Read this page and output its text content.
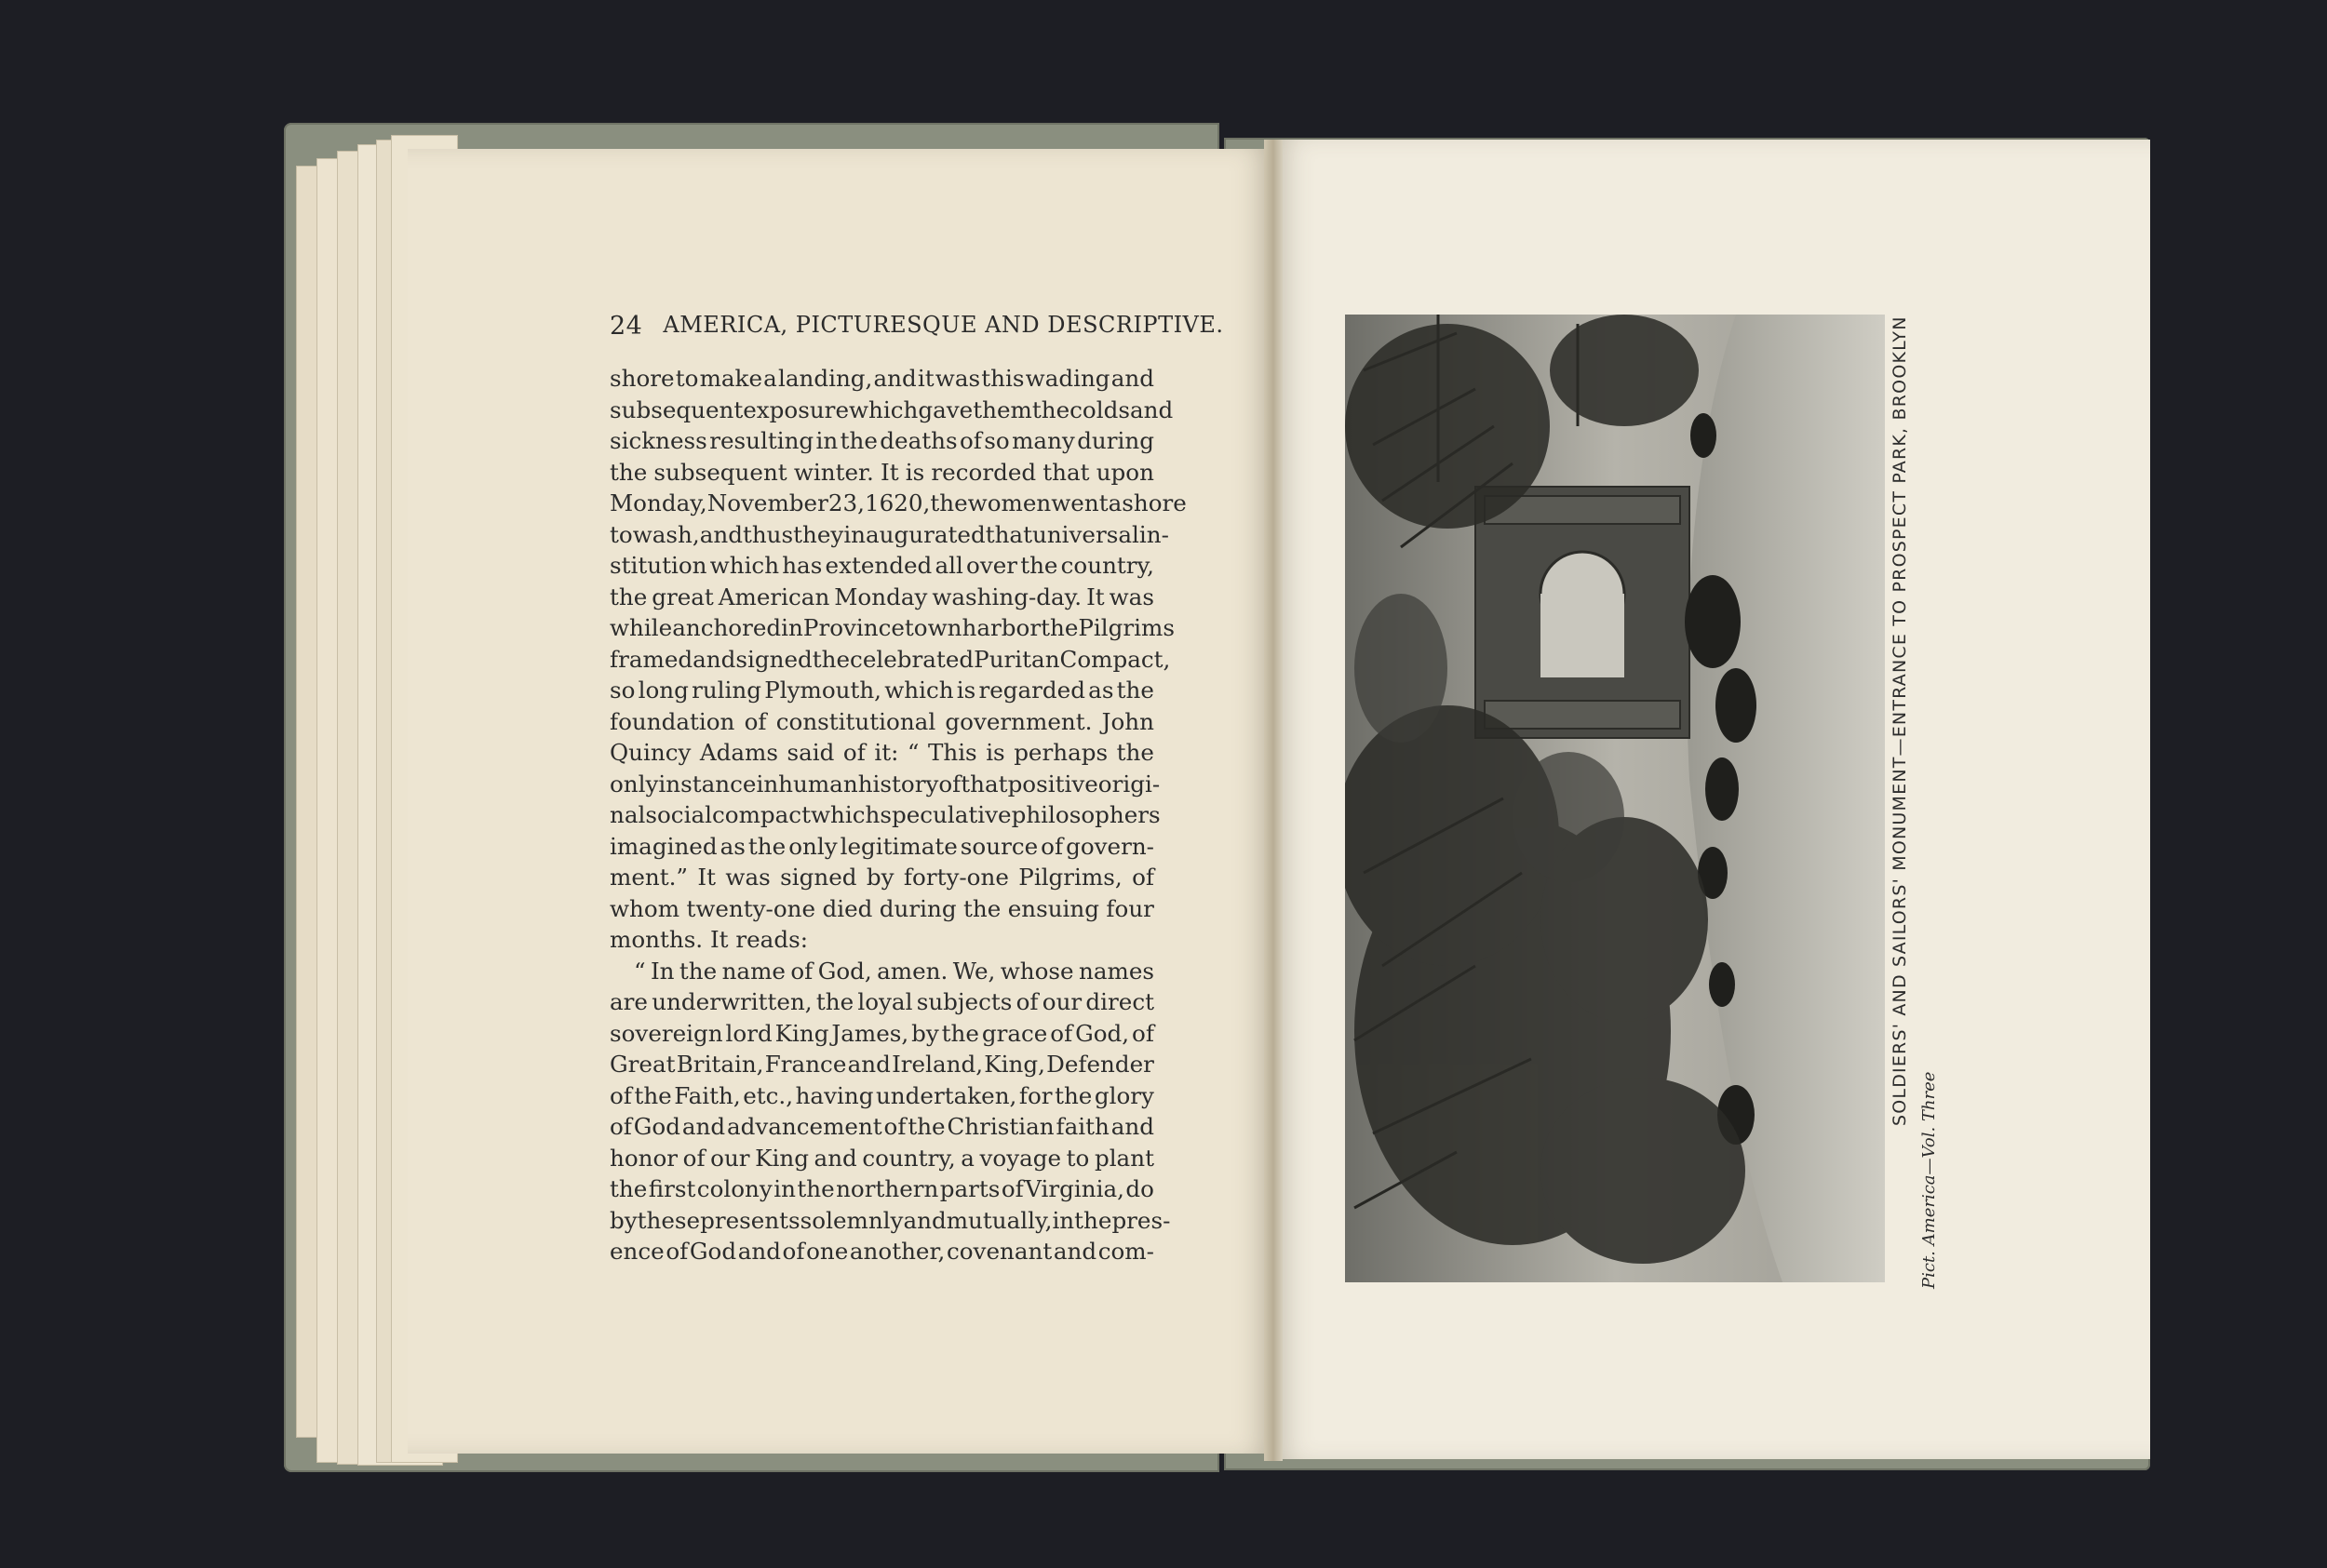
24 AMERICA, PICTURESQUE AND DESCRIPTIVE.
shore to make a landing, and it was this wading and
subsequent exposure which gave them the colds and
sickness resulting in the deaths of so many during
the subsequent winter. It is recorded that upon
Monday, November 23, 1620, the women went ashore
to wash, and thus they inaugurated that universal in-
stitution which has extended all over the country,
the great American Monday washing-day. It was
while anchored in Provincetown harbor the Pilgrims
framed and signed the celebrated Puritan Compact,
so long ruling Plymouth, which is regarded as the
foundation of constitutional government. John
Quincy Adams said of it: “ This is perhaps the
only instance in human history of that positive origi-
nal social compact which speculative philosophers
imagined as the only legitimate source of govern-
ment.” It was signed by forty-one Pilgrims, of
whom twenty-one died during the ensuing four
months. It reads:
“ In the name of God, amen. We, whose names
are underwritten, the loyal subjects of our direct
sovereign lord King James, by the grace of God, of
Great Britain, France and Ireland, King, Defender
of the Faith, etc., having undertaken, for the glory
of God and advancement of the Christian faith and
honor of our King and country, a voyage to plant
the first colony in the northern parts of Virginia, do
by these presents solemnly and mutually, in the pres-
ence of God and of one another, covenant and com-
SOLDIERS' AND SAILORS' MONUMENT—ENTRANCE TO PROSPECT PARK, BROOKLYN
Pict. America—Vol. Three
